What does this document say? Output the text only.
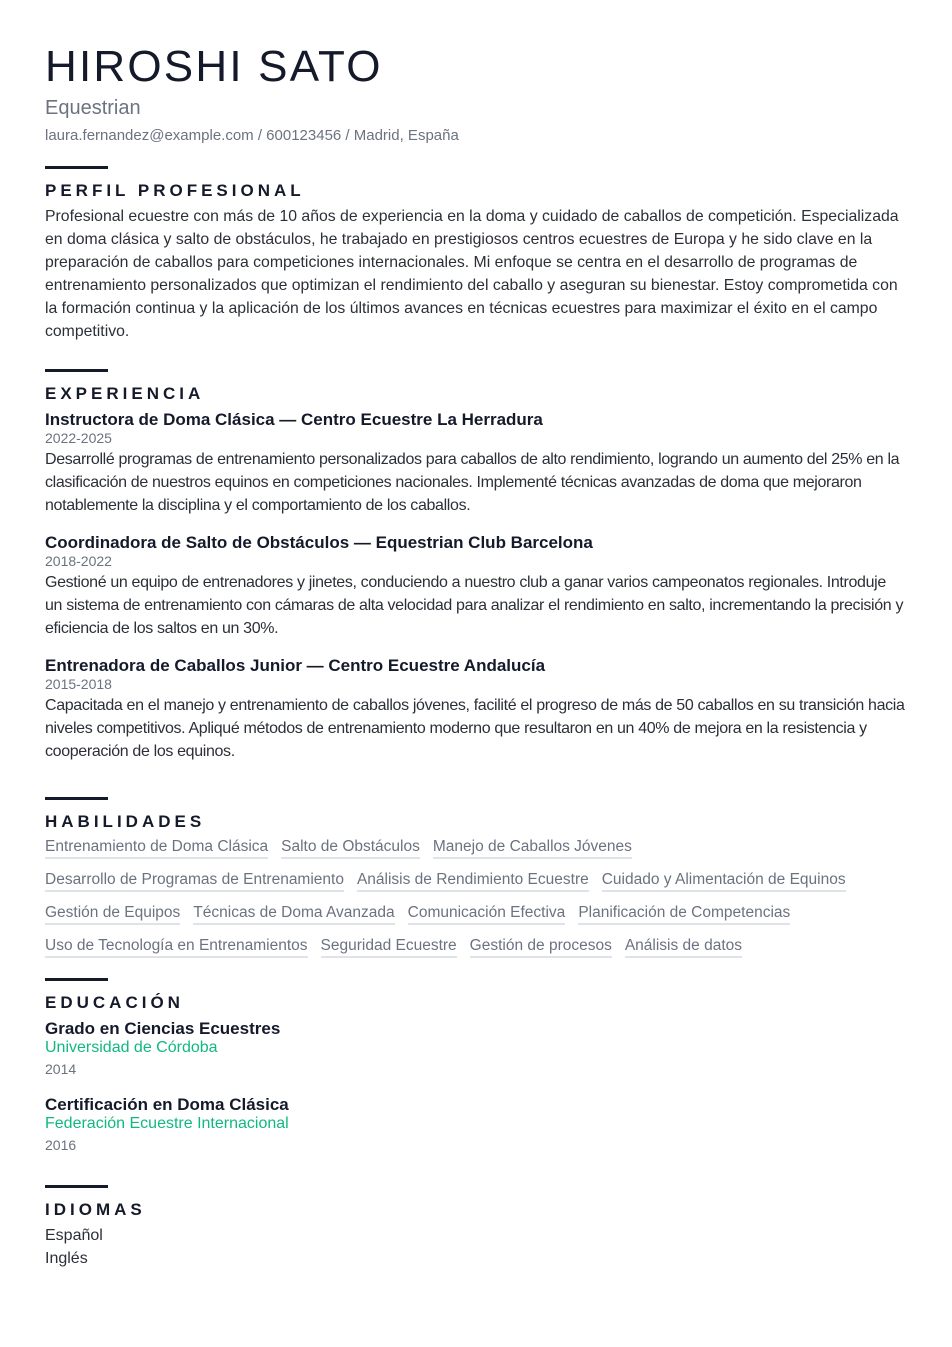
HIROSHI SATO
Equestrian
laura.fernandez@example.com / 600123456 / Madrid, España
PERFIL PROFESIONAL

Profesional ecuestre con más de 10 años de experiencia en la doma y cuidado de caballos de competición. Especializada en doma clásica y salto de obstáculos, he trabajado en prestigiosos centros ecuestres de Europa y he sido clave en la preparación de caballos para competiciones internacionales. Mi enfoque se centra en el desarrollo de programas de entrenamiento personalizados que optimizan el rendimiento del caballo y aseguran su bienestar. Estoy comprometida con la formación continua y la aplicación de los últimos avances en técnicas ecuestres para maximizar el éxito en el campo competitivo.

EXPERIENCIA
Instructora de Doma Clásica — Centro Ecuestre La Herradura
2022-2025
Desarrollé programas de entrenamiento personalizados para caballos de alto rendimiento, logrando un aumento del 25% en la clasificación de nuestros equinos en competiciones nacionales. Implementé técnicas avanzadas de doma que mejoraron notablemente la disciplina y el comportamiento de los caballos.
Coordinadora de Salto de Obstáculos — Equestrian Club Barcelona
2018-2022
Gestioné un equipo de entrenadores y jinetes, conduciendo a nuestro club a ganar varios campeonatos regionales. Introduje un sistema de entrenamiento con cámaras de alta velocidad para analizar el rendimiento en salto, incrementando la precisión y eficiencia de los saltos en un 30%.
Entrenadora de Caballos Junior — Centro Ecuestre Andalucía
2015-2018
Capacitada en el manejo y entrenamiento de caballos jóvenes, facilité el progreso de más de 50 caballos en su transición hacia niveles competitivos. Apliqué métodos de entrenamiento moderno que resultaron en un 40% de mejora en la resistencia y cooperación de los equinos.
HABILIDADES
Entrenamiento de Doma Clásica Salto de Obstáculos Manejo de Caballos Jóvenes
Desarrollo de Programas de Entrenamiento Análisis de Rendimiento Ecuestre Cuidado y Alimentación de Equinos
Gestión de Equipos Técnicas de Doma Avanzada Comunicación Efectiva Planificación de Competencias
Uso de Tecnología en Entrenamientos Seguridad Ecuestre Gestión de procesos Análisis de datos
EDUCACIÓN
Grado en Ciencias Ecuestres
Universidad de Córdoba
2014
Certificación en Doma Clásica
Federación Ecuestre Internacional
2016
IDIOMAS
Español
Inglés
